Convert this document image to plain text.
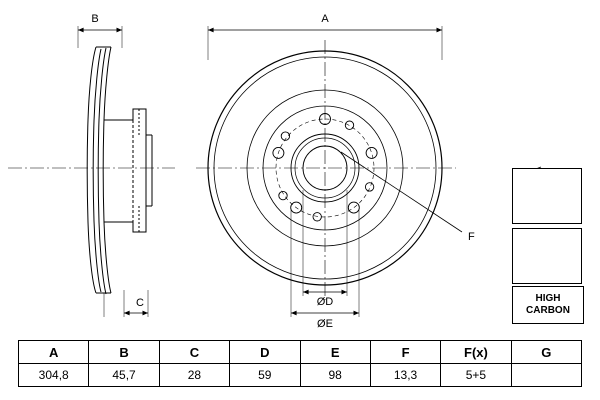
B
C
A
F
ØD
ØE
HIGH
CARBON
A	B	C	D	E	F	F(x)	G
304,8	45,7	28	59	98	13,3	5+5	
